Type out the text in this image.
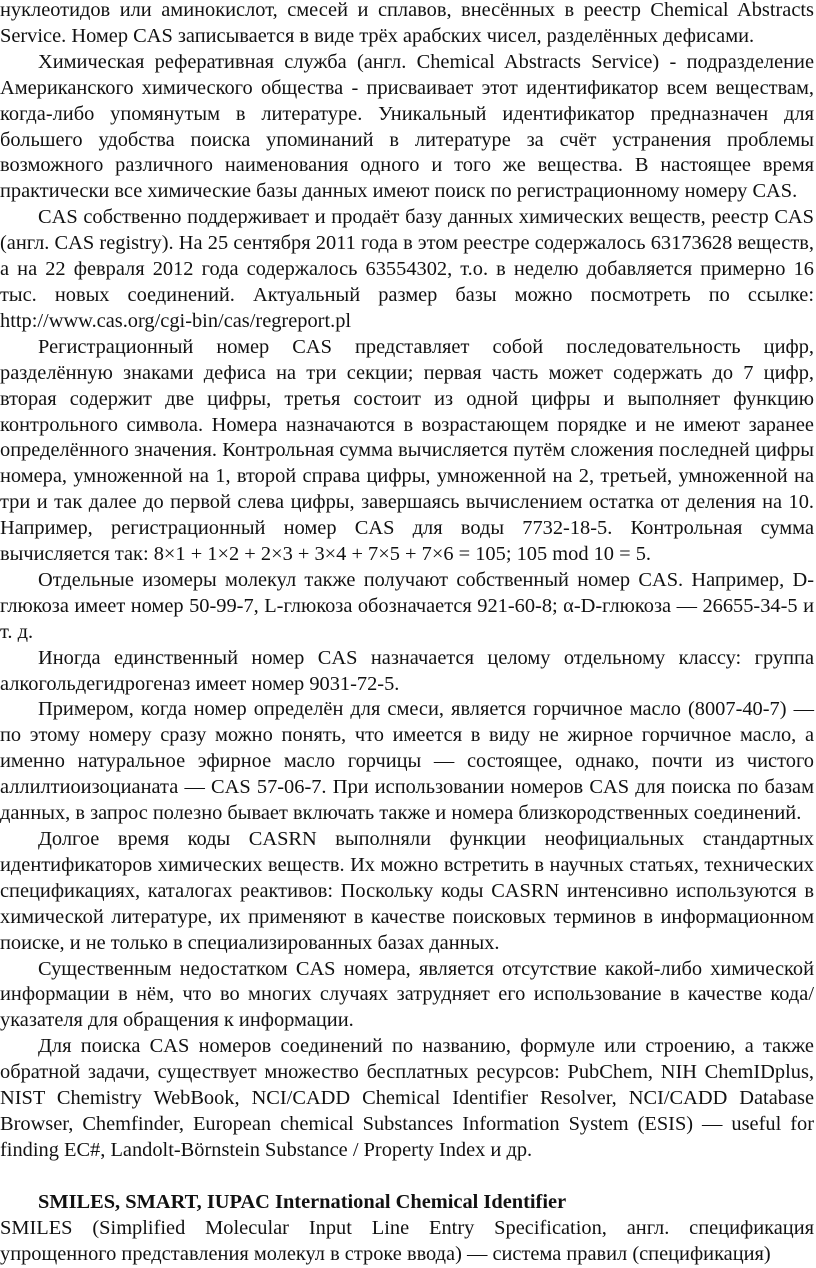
нуклеотидов или аминокислот, смесей и сплавов, внесённых в реестр Chemical Abstracts Service. Номер CAS записывается в виде трёх арабских чисел, разделённых дефисами.

Химическая реферативная служба (англ. Chemical Abstracts Service) - подразделение Американского химического общества - присваивает этот идентификатор всем веществам, когда-либо упомянутым в литературе. Уникальный идентификатор предназначен для большего удобства поиска упоминаний в литературе за счёт устранения проблемы возможного различного наименования одного и того же вещества. В настоящее время практически все химические базы данных имеют поиск по регистрационному номеру CAS.

CAS собственно поддерживает и продаёт базу данных химических веществ, реестр CAS (англ. CAS registry). На 25 сентября 2011 года в этом реестре содержалось 63173628 веществ, а на 22 февраля 2012 года содержалось 63554302, т.о. в неделю добавляется примерно 16 тыс. новых соединений. Актуальный размер базы можно посмотреть по ссылке: http://www.cas.org/cgi-bin/cas/regreport.pl

Регистрационный номер CAS представляет собой последовательность цифр, разделённую знаками дефиса на три секции; первая часть может содержать до 7 цифр, вторая содержит две цифры, третья состоит из одной цифры и выполняет функцию контрольного символа. Номера назначаются в возрастающем порядке и не имеют заранее определённого значения. Контрольная сумма вычисляется путём сложения последней цифры номера, умноженной на 1, второй справа цифры, умноженной на 2, третьей, умноженной на три и так далее до первой слева цифры, завершаясь вычислением остатка от деления на 10. Например, регистрационный номер CAS для воды 7732-18-5. Контрольная сумма вычисляется так: 8×1 + 1×2 + 2×3 + 3×4 + 7×5 + 7×6 = 105; 105 mod 10 = 5.

Отдельные изомеры молекул также получают собственный номер CAS. Например, D-глюкоза имеет номер 50-99-7, L-глюкоза обозначается 921-60-8; α-D-глюкоза — 26655-34-5 и т. д.

Иногда единственный номер CAS назначается целому отдельному классу: группа алкогольдегидрогеназ имеет номер 9031-72-5.

Примером, когда номер определён для смеси, является горчичное масло (8007-40-7) — по этому номеру сразу можно понять, что имеется в виду не жирное горчичное масло, а именно натуральное эфирное масло горчицы — состоящее, однако, почти из чистого аллилтиоизоцианата — CAS 57-06-7. При использовании номеров CAS для поиска по базам данных, в запрос полезно бывает включать также и номера близкородственных соединений.

Долгое время коды CASRN выполняли функции неофициальных стандартных идентификаторов химических веществ. Их можно встретить в научных статьях, технических спецификациях, каталогах реактивов: Поскольку коды CASRN интенсивно используются в химической литературе, их применяют в качестве поисковых терминов в информационном поиске, и не только в специализированных базах данных.

Существенным недостатком CAS номера, является отсутствие какой-либо химической информации в нём, что во многих случаях затрудняет его использование в качестве кода/указателя для обращения к информации.

Для поиска CAS номеров соединений по названию, формуле или строению, а также обратной задачи, существует множество бесплатных ресурсов: PubChem, NIH ChemIDplus, NIST Chemistry WebBook, NCI/CADD Chemical Identifier Resolver, NCI/CADD Database Browser, Chemfinder, European chemical Substances Information System (ESIS) — useful for finding EC#, Landolt-Börnstein Substance / Property Index и др.

SMILES, SMART, IUPAC International Chemical Identifier

SMILES (Simplified Molecular Input Line Entry Specification, англ. спецификация упрощенного представления молекул в строке ввода) — система правил (спецификация)
